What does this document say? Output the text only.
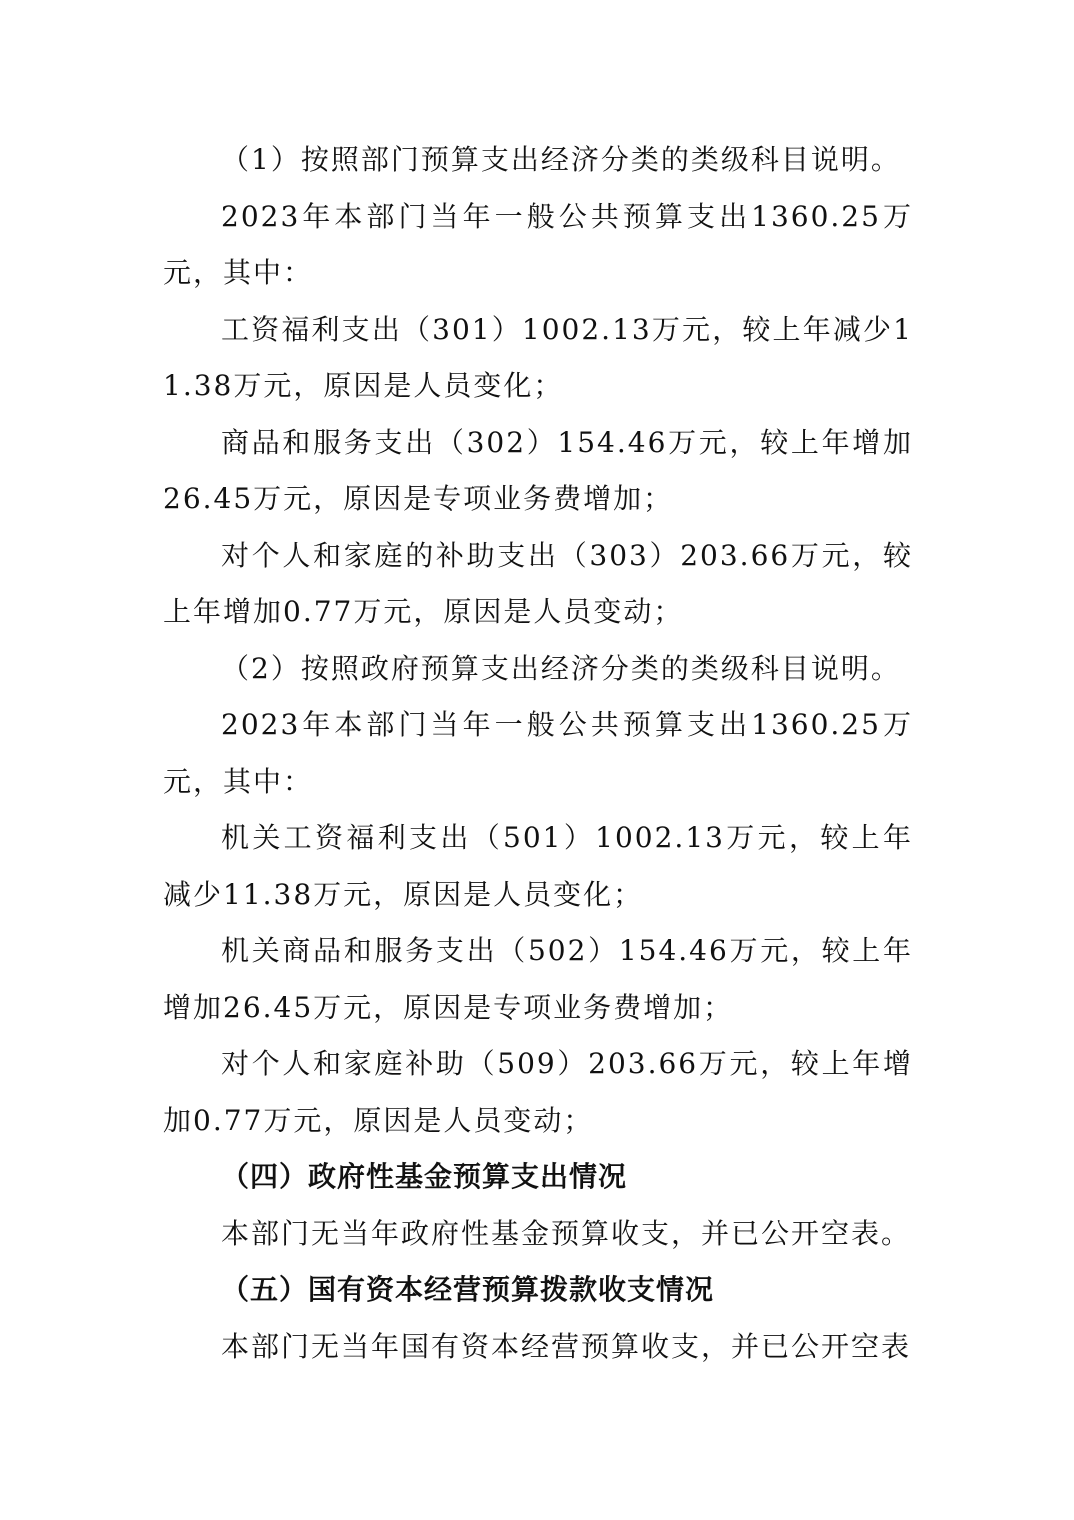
（1）按照部门预算支出经济分类的类级科目说明。

2023年本部门当年一般公共预算支出1360.25万元，其中：

工资福利支出（301）1002.13万元，较上年减少11.38万元，原因是人员变化；

商品和服务支出（302）154.46万元，较上年增加26.45万元，原因是专项业务费增加；

对个人和家庭的补助支出（303）203.66万元，较上年增加0.77万元，原因是人员变动；

（2）按照政府预算支出经济分类的类级科目说明。

2023年本部门当年一般公共预算支出1360.25万元，其中：

机关工资福利支出（501）1002.13万元，较上年减少11.38万元，原因是人员变化；

机关商品和服务支出（502）154.46万元，较上年增加26.45万元，原因是专项业务费增加；

对个人和家庭补助（509）203.66万元，较上年增加0.77万元，原因是人员变动；

（四）政府性基金预算支出情况

本部门无当年政府性基金预算收支，并已公开空表。

（五）国有资本经营预算拨款收支情况

本部门无当年国有资本经营预算收支，并已公开空表
